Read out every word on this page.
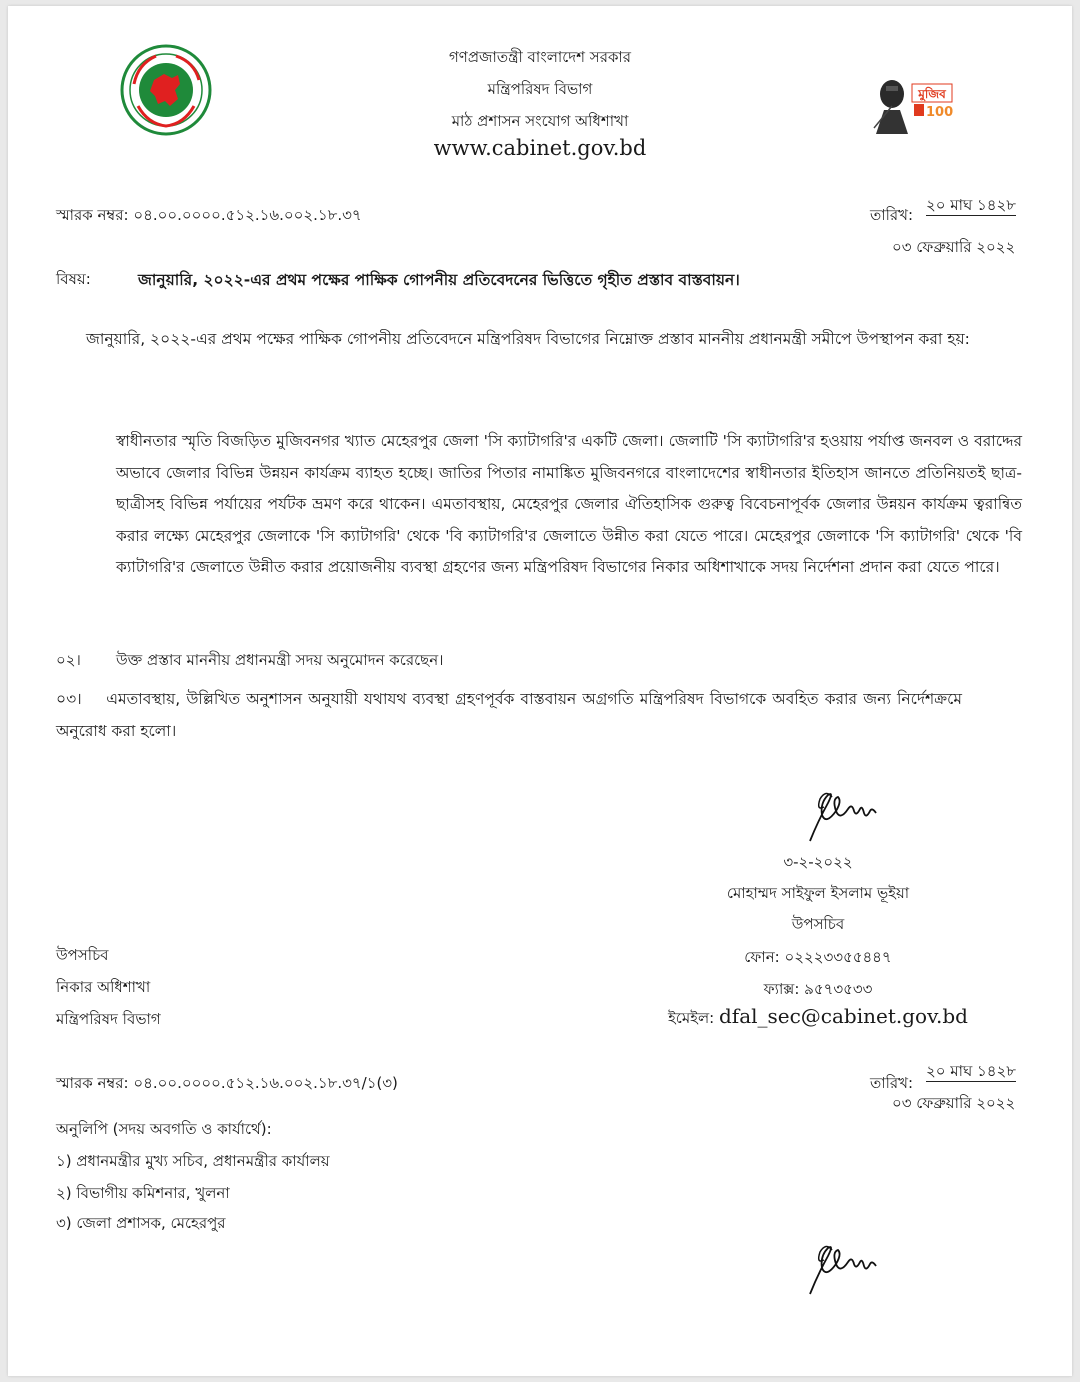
মুজিব
100
গণপ্রজাতন্ত্রী বাংলাদেশ সরকার
মন্ত্রিপরিষদ বিভাগ
মাঠ প্রশাসন সংযোগ অধিশাখা
www.cabinet.gov.bd
স্মারক নম্বর: ০৪.০০.০০০০.৫১২.১৬.০০২.১৮.৩৭	তারিখ:
২০ মাঘ ১৪২৮
০৩ ফেব্রুয়ারি ২০২২
বিষয়:	জানুয়ারি, ২০২২-এর প্রথম পক্ষের পাক্ষিক গোপনীয় প্রতিবেদনের ভিত্তিতে গৃহীত প্রস্তাব বাস্তবায়ন।
জানুয়ারি, ২০২২-এর প্রথম পক্ষের পাক্ষিক গোপনীয় প্রতিবেদনে মন্ত্রিপরিষদ বিভাগের নিম্নোক্ত প্রস্তাব মাননীয় প্রধানমন্ত্রী সমীপে উপস্থাপন করা হয়:
স্বাধীনতার স্মৃতি বিজড়িত মুজিবনগর খ্যাত মেহেরপুর জেলা 'সি ক্যাটাগরি'র একটি জেলা। জেলাটি 'সি ক্যাটাগরি'র হওয়ায় পর্যাপ্ত জনবল ও বরাদ্দের অভাবে জেলার বিভিন্ন উন্নয়ন কার্যক্রম ব্যাহত হচ্ছে। জাতির পিতার নামাঙ্কিত মুজিবনগরে বাংলাদেশের স্বাধীনতার ইতিহাস জানতে প্রতিনিয়তই ছাত্র-ছাত্রীসহ বিভিন্ন পর্যায়ের পর্যটক ভ্রমণ করে থাকেন। এমতাবস্থায়, মেহেরপুর জেলার ঐতিহাসিক গুরুত্ব বিবেচনাপূর্বক জেলার উন্নয়ন কার্যক্রম ত্বরান্বিত করার লক্ষ্যে মেহেরপুর জেলাকে 'সি ক্যাটাগরি' থেকে 'বি ক্যাটাগরি'র জেলাতে উন্নীত করা যেতে পারে। মেহেরপুর জেলাকে 'সি ক্যাটাগরি' থেকে 'বি ক্যাটাগরি'র জেলাতে উন্নীত করার প্রয়োজনীয় ব্যবস্থা গ্রহণের জন্য মন্ত্রিপরিষদ বিভাগের নিকার অধিশাখাকে সদয় নির্দেশনা প্রদান করা যেতে পারে।
০২। উক্ত প্রস্তাব মাননীয় প্রধানমন্ত্রী সদয় অনুমোদন করেছেন।
০৩। এমতাবস্থায়, উল্লিখিত অনুশাসন অনুযায়ী যথাযথ ব্যবস্থা গ্রহণপূর্বক বাস্তবায়ন অগ্রগতি মন্ত্রিপরিষদ বিভাগকে অবহিত করার জন্য নির্দেশক্রমে অনুরোধ করা হলো।
৩-২-২০২২
মোহাম্মদ সাইফুল ইসলাম ভূইয়া
উপসচিব
ফোন: ০২২২৩৩৫৫৪৪৭
ফ্যাক্স: ৯৫৭৩৫৩৩
ইমেইল: dfal_sec@cabinet.gov.bd
উপসচিব
নিকার অধিশাখা
মন্ত্রিপরিষদ বিভাগ
স্মারক নম্বর: ০৪.০০.০০০০.৫১২.১৬.০০২.১৮.৩৭/১(৩)	তারিখ:
২০ মাঘ ১৪২৮
০৩ ফেব্রুয়ারি ২০২২
অনুলিপি (সদয় অবগতি ও কার্যার্থে):
১) প্রধানমন্ত্রীর মুখ্য সচিব, প্রধানমন্ত্রীর কার্যালয়
২) বিভাগীয় কমিশনার, খুলনা
৩) জেলা প্রশাসক, মেহেরপুর
